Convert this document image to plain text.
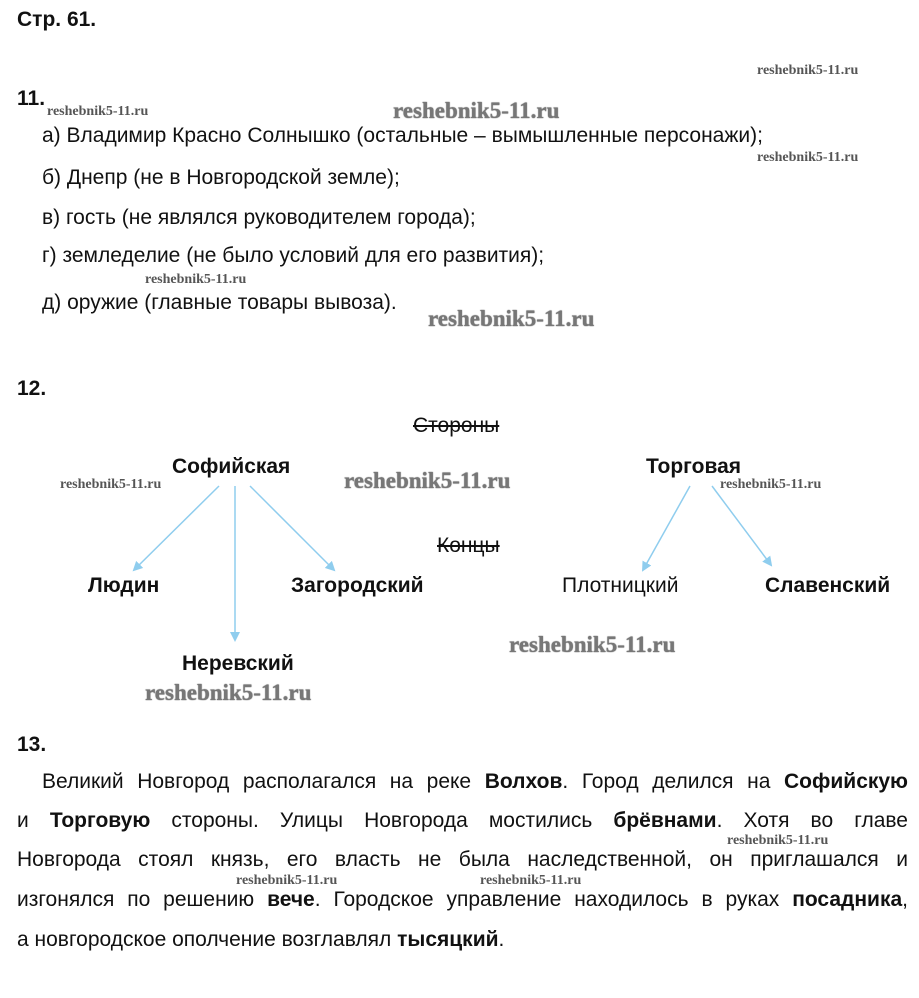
Стр. 61.
11.
а) Владимир Красно Солнышко (остальные – вымышленные персонажи);
б) Днепр (не в Новгородской земле);
в) гость (не являлся руководителем города);
г) земледелие (не было условий для его развития);
д) оружие (главные товары вывоза).
12.
Стороны
Концы
Софийская	Торговая
Людин	Загородский	Плотницкий	Славенский
Неревский
13.
Великий Новгород располагался на реке Волхов. Город делился на Софийскую
и Торговую стороны. Улицы Новгорода мостились брёвнами. Хотя во главе
Новгорода стоял князь, его власть не была наследственной, он приглашался и
изгонялся по решению вече. Городское управление находилось в руках посадника,
а новгородское ополчение возглавлял тысяцкий.
reshebnik5-11.ru
reshebnik5-11.ru	reshebnik5-11.ru
reshebnik5-11.ru
reshebnik5-11.ru
reshebnik5-11.ru
reshebnik5-11.ru	reshebnik5-11.ru	reshebnik5-11.ru
reshebnik5-11.ru
reshebnik5-11.ru
reshebnik5-11.ru
reshebnik5-11.ru	reshebnik5-11.ru
